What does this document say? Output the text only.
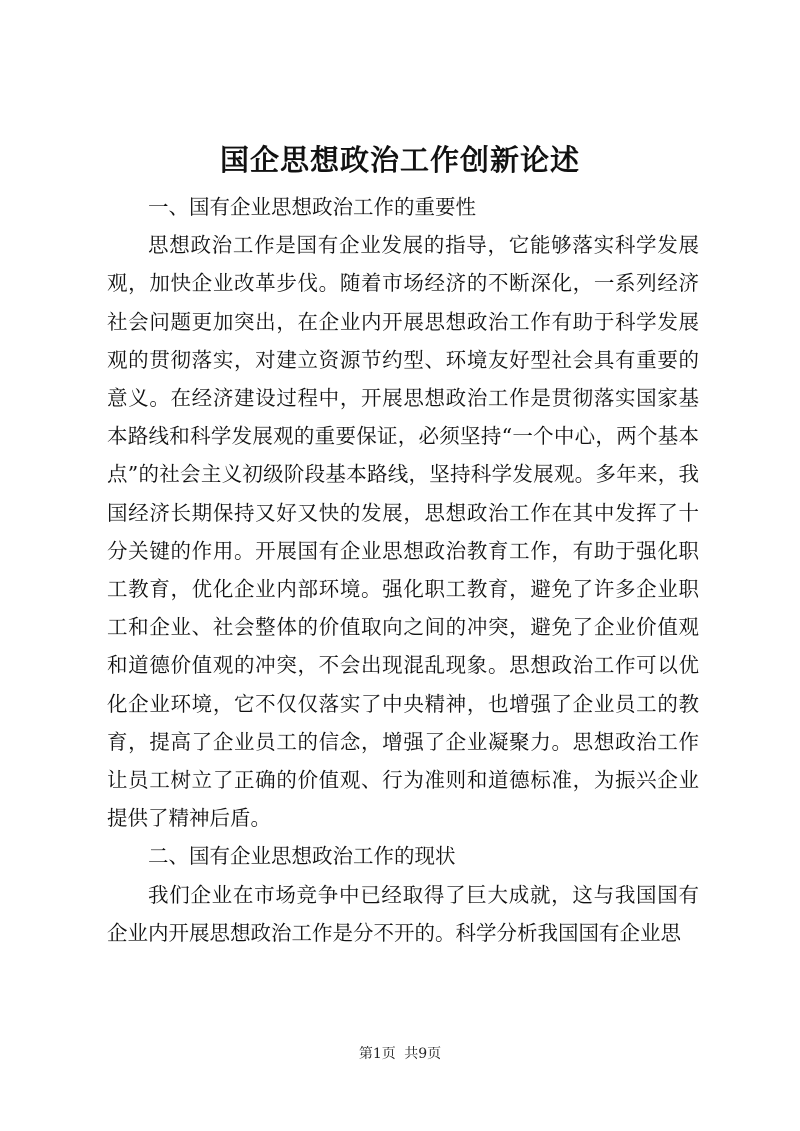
国企思想政治工作创新论述

一、国有企业思想政治工作的重要性

思想政治工作是国有企业发展的指导，它能够落实科学发展观，加快企业改革步伐。随着市场经济的不断深化，一系列经济社会问题更加突出，在企业内开展思想政治工作有助于科学发展观的贯彻落实，对建立资源节约型、环境友好型社会具有重要的意义。在经济建设过程中，开展思想政治工作是贯彻落实国家基本路线和科学发展观的重要保证，必须坚持“一个中心，两个基本点”的社会主义初级阶段基本路线，坚持科学发展观。多年来，我国经济长期保持又好又快的发展，思想政治工作在其中发挥了十分关键的作用。开展国有企业思想政治教育工作，有助于强化职工教育，优化企业内部环境。强化职工教育，避免了许多企业职工和企业、社会整体的价值取向之间的冲突，避免了企业价值观和道德价值观的冲突，不会出现混乱现象。思想政治工作可以优化企业环境，它不仅仅落实了中央精神，也增强了企业员工的教育，提高了企业员工的信念，增强了企业凝聚力。思想政治工作让员工树立了正确的价值观、行为准则和道德标准，为振兴企业提供了精神后盾。

二、国有企业思想政治工作的现状

我们企业在市场竞争中已经取得了巨大成就，这与我国国有企业内开展思想政治工作是分不开的。科学分析我国国有企业思

第1页 共9页
